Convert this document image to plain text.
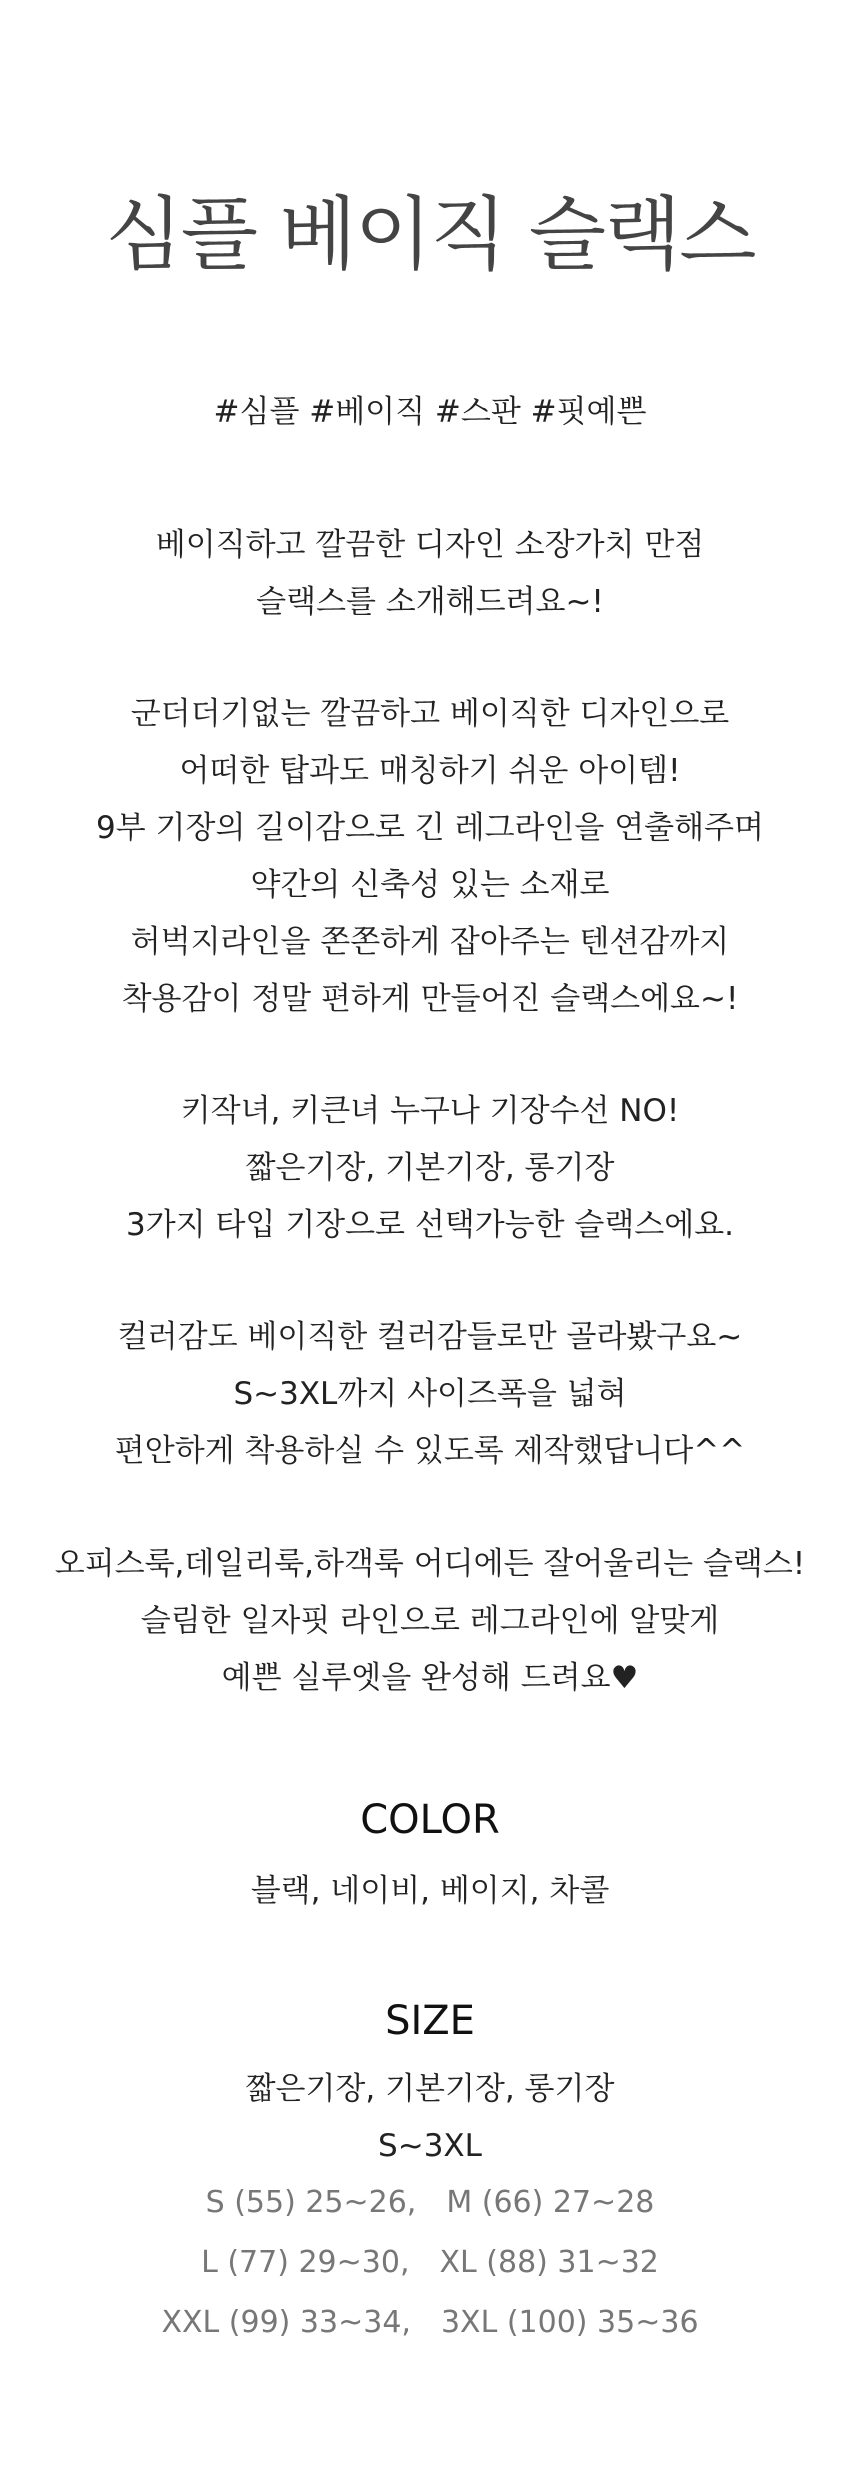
심플 베이직 슬랙스
#심플 #베이직 #스판 #핏예쁜
베이직하고 깔끔한 디자인 소장가치 만점
슬랙스를 소개해드려요~!
군더더기없는 깔끔하고 베이직한 디자인으로
어떠한 탑과도 매칭하기 쉬운 아이템!
9부 기장의 길이감으로 긴 레그라인을 연출해주며
약간의 신축성 있는 소재로
허벅지라인을 쫀쫀하게 잡아주는 텐션감까지
착용감이 정말 편하게 만들어진 슬랙스에요~!
키작녀, 키큰녀 누구나 기장수선 NO!
짧은기장, 기본기장, 롱기장
3가지 타입 기장으로 선택가능한 슬랙스에요.
컬러감도 베이직한 컬러감들로만 골라봤구요~
S~3XL까지 사이즈폭을 넓혀
편안하게 착용하실 수 있도록 제작했답니다^^
오피스룩,데일리룩,하객룩 어디에든 잘어울리는 슬랙스!
슬림한 일자핏 라인으로 레그라인에 알맞게
예쁜 실루엣을 완성해 드려요♥
COLOR
블랙, 네이비, 베이지, 차콜
SIZE
짧은기장, 기본기장, 롱기장
S~3XL
S (55) 25~26, M (66) 27~28
L (77) 29~30, XL (88) 31~32
XXL (99) 33~34, 3XL (100) 35~36
